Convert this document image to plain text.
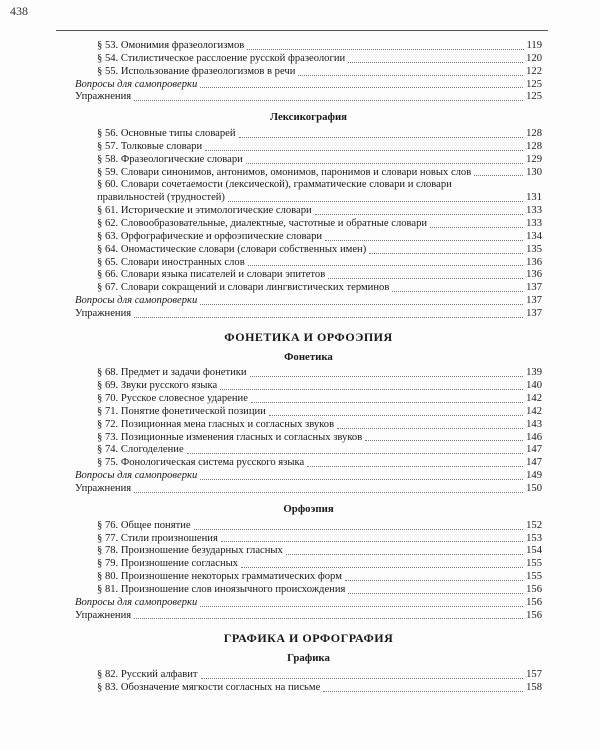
438
§ 53. Омонимия фразеологизмов	119
§ 54. Стилистическое расслоение русской фразеологии	120
§ 55. Использование фразеологизмов в речи	122
Вопросы для самопроверки	125
Упражнения	125
Лексикография
§ 56. Основные типы словарей	128
§ 57. Толковые словари	128
§ 58. Фразеологические словари	129
§ 59. Словари синонимов, антонимов, омонимов, паронимов и словари новых слов	130
§ 60. Словари сочетаемости (лексической), грамматические словари и словари
правильностей (трудностей)	131
§ 61. Исторические и этимологические словари	133
§ 62. Словообразовательные, диалектные, частотные и обратные словари	133
§ 63. Орфографические и орфоэпические словари	134
§ 64. Ономастические словари (словари собственных имен)	135
§ 65. Словари иностранных слов	136
§ 66. Словари языка писателей и словари эпитетов	136
§ 67. Словари сокращений и словари лингвистических терминов	137
Вопросы для самопроверки	137
Упражнения	137
ФОНЕТИКА И ОРФОЭПИЯ
Фонетика
§ 68. Предмет и задачи фонетики	139
§ 69. Звуки русского языка	140
§ 70. Русское словесное ударение	142
§ 71. Понятие фонетической позиции	142
§ 72. Позиционная мена гласных и согласных звуков	143
§ 73. Позиционные изменения гласных и согласных звуков	146
§ 74. Слогоделение	147
§ 75. Фонологическая система русского языка	147
Вопросы для самопроверки	149
Упражнения	150
Орфоэпия
§ 76. Общее понятие	152
§ 77. Стили произношения	153
§ 78. Произношение безударных гласных	154
§ 79. Произношение согласных	155
§ 80. Произношение некоторых грамматических форм	155
§ 81. Произношение слов иноязычного происхождения	156
Вопросы для самопроверки	156
Упражнения	156
ГРАФИКА И ОРФОГРАФИЯ
Графика
§ 82. Русский алфавит	157
§ 83. Обозначение мягкости согласных на письме	158
